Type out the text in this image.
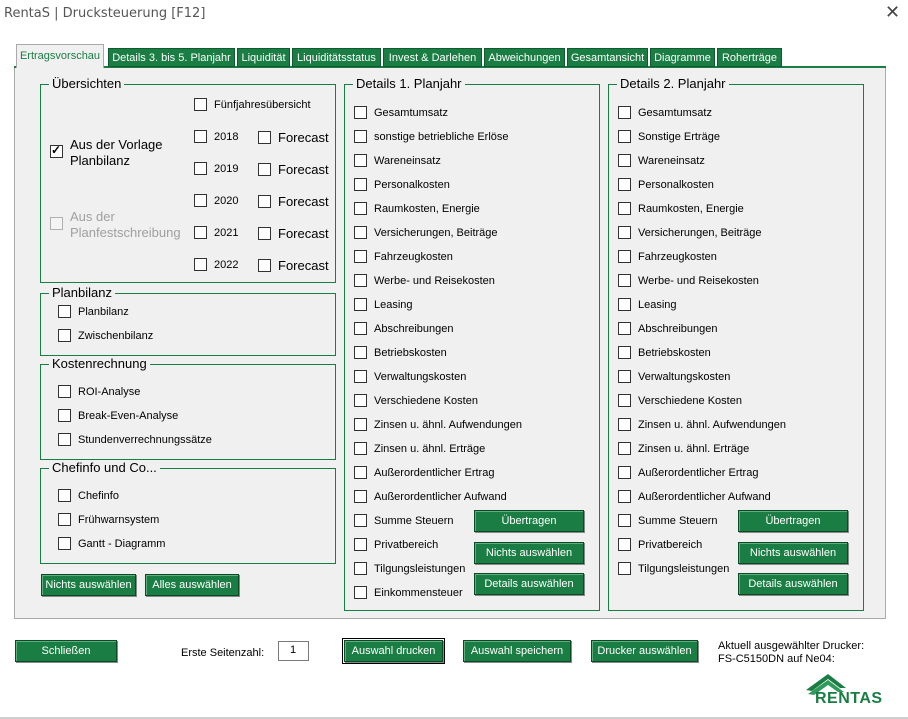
RentaS | Drucksteuerung [F12]	✕
Ertragsvorschau	Details 3. bis 5. Planjahr Liquidität	Liquiditätsstatus	Invest & Darlehen	Abweichungen Gesamtansicht Diagramme	Roherträge
Übersichten
Fünfjahresübersicht
✓
Aus der Vorlage
Planbilanz
Aus der
Planfestschreibung
2018	Forecast
2019	Forecast
2020	Forecast
2021	Forecast
2022	Forecast
Planbilanz
Planbilanz
Zwischenbilanz
Kostenrechnung
ROI-Analyse
Break-Even-Analyse
Stundenverrechnungssätze
Chefinfo und Co...
Chefinfo
Frühwarnsystem
Gantt - Diagramm
Nichts auswählen	Alles auswählen
Details 1. Planjahr
Gesamtumsatz
sonstige betriebliche Erlöse
Wareneinsatz
Personalkosten
Raumkosten, Energie
Versicherungen, Beiträge
Fahrzeugkosten
Werbe- und Reisekosten
Leasing
Abschreibungen
Betriebskosten
Verwaltungskosten
Verschiedene Kosten
Zinsen u. ähnl. Aufwendungen
Zinsen u. ähnl. Erträge
Außerordentlicher Ertrag
Außerordentlicher Aufwand
Summe Steuern
Privatbereich
Tilgungsleistungen
Einkommensteuer
Übertragen
Nichts auswählen
Details auswählen
Details 2. Planjahr
Gesamtumsatz
Sonstige Erträge
Wareneinsatz
Personalkosten
Raumkosten, Energie
Versicherungen, Beiträge
Fahrzeugkosten
Werbe- und Reisekosten
Leasing
Abschreibungen
Betriebskosten
Verwaltungskosten
Verschiedene Kosten
Zinsen u. ähnl. Aufwendungen
Zinsen u. ähnl. Erträge
Außerordentlicher Ertrag
Außerordentlicher Aufwand
Summe Steuern
Privatbereich
Tilgungsleistungen
Übertragen
Nichts auswählen
Details auswählen
Schließen	Erste Seitenzahl:	1	Auswahl drucken	Auswahl speichern	Drucker auswählen	Aktuell ausgewählter Drucker:
FS-C5150DN auf Ne04:
RENTAS
